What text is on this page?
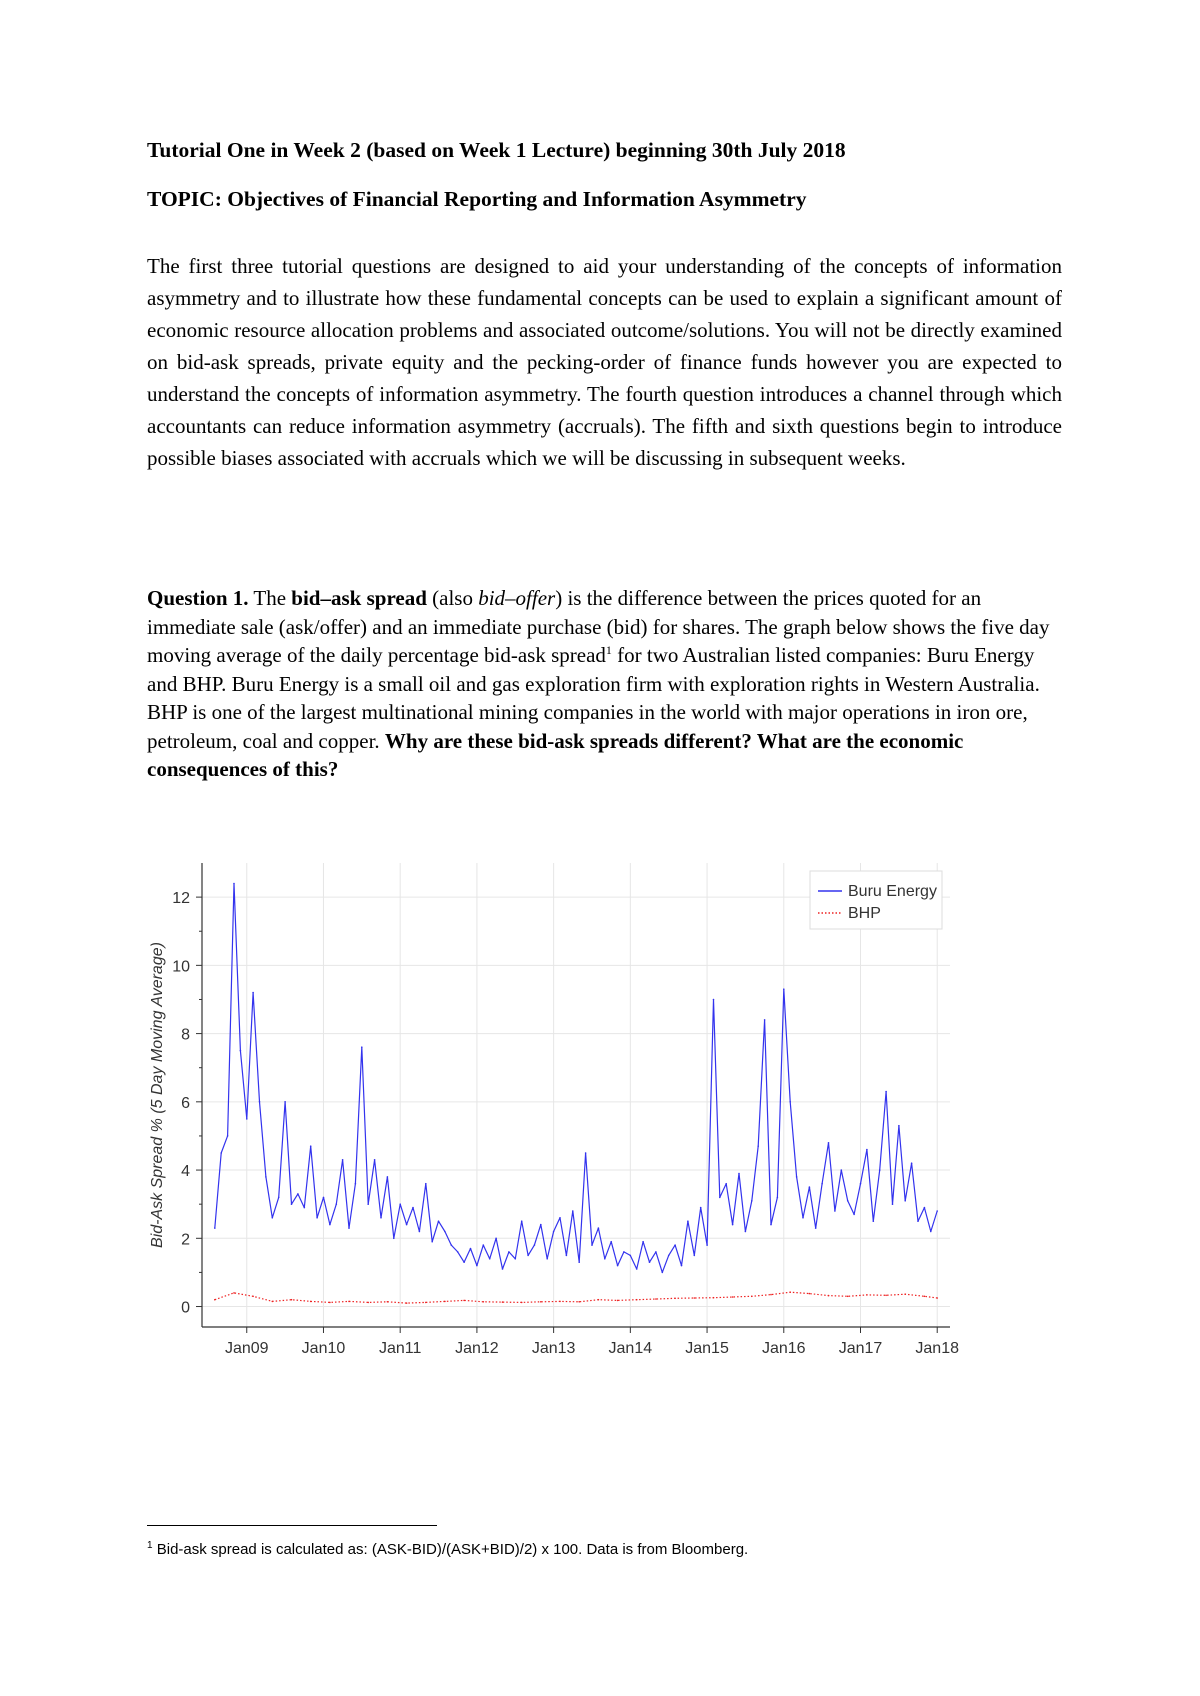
Tutorial One in Week 2 (based on Week 1 Lecture) beginning 30th July 2018
TOPIC: Objectives of Financial Reporting and Information Asymmetry
The first three tutorial questions are designed to aid your understanding of the concepts of information asymmetry and to illustrate how these fundamental concepts can be used to explain a significant amount of economic resource allocation problems and associated outcome/solutions. You will not be directly examined on bid-ask spreads, private equity and the pecking-order of finance funds however you are expected to understand the concepts of information asymmetry. The fourth question introduces a channel through which accountants can reduce information asymmetry (accruals). The fifth and sixth questions begin to introduce possible biases associated with accruals which we will be discussing in subsequent weeks.
Question 1. The bid–ask spread (also bid–offer) is the difference between the prices quoted for an immediate sale (ask/offer) and an immediate purchase (bid) for shares. The graph below shows the five day moving average of the daily percentage bid-ask spread$^1$ for two Australian listed companies: Buru Energy and BHP. Buru Energy is a small oil and gas exploration firm with exploration rights in Western Australia. BHP is one of the largest multinational mining companies in the world with major operations in iron ore, petroleum, coal and copper. Why are these bid-ask spreads different? What are the economic consequences of this?
0
2
4
6
8
10
12
Jan09 Jan10 Jan11 Jan12 Jan13 Jan14 Jan15 Jan16 Jan17 Jan18
Bid-Ask Spread % (5 Day Moving Average)
Buru Energy
BHP
$^1$ Bid-ask spread is calculated as: (ASK-BID)/(ASK+BID)/2) x 100. Data is from Bloomberg.
